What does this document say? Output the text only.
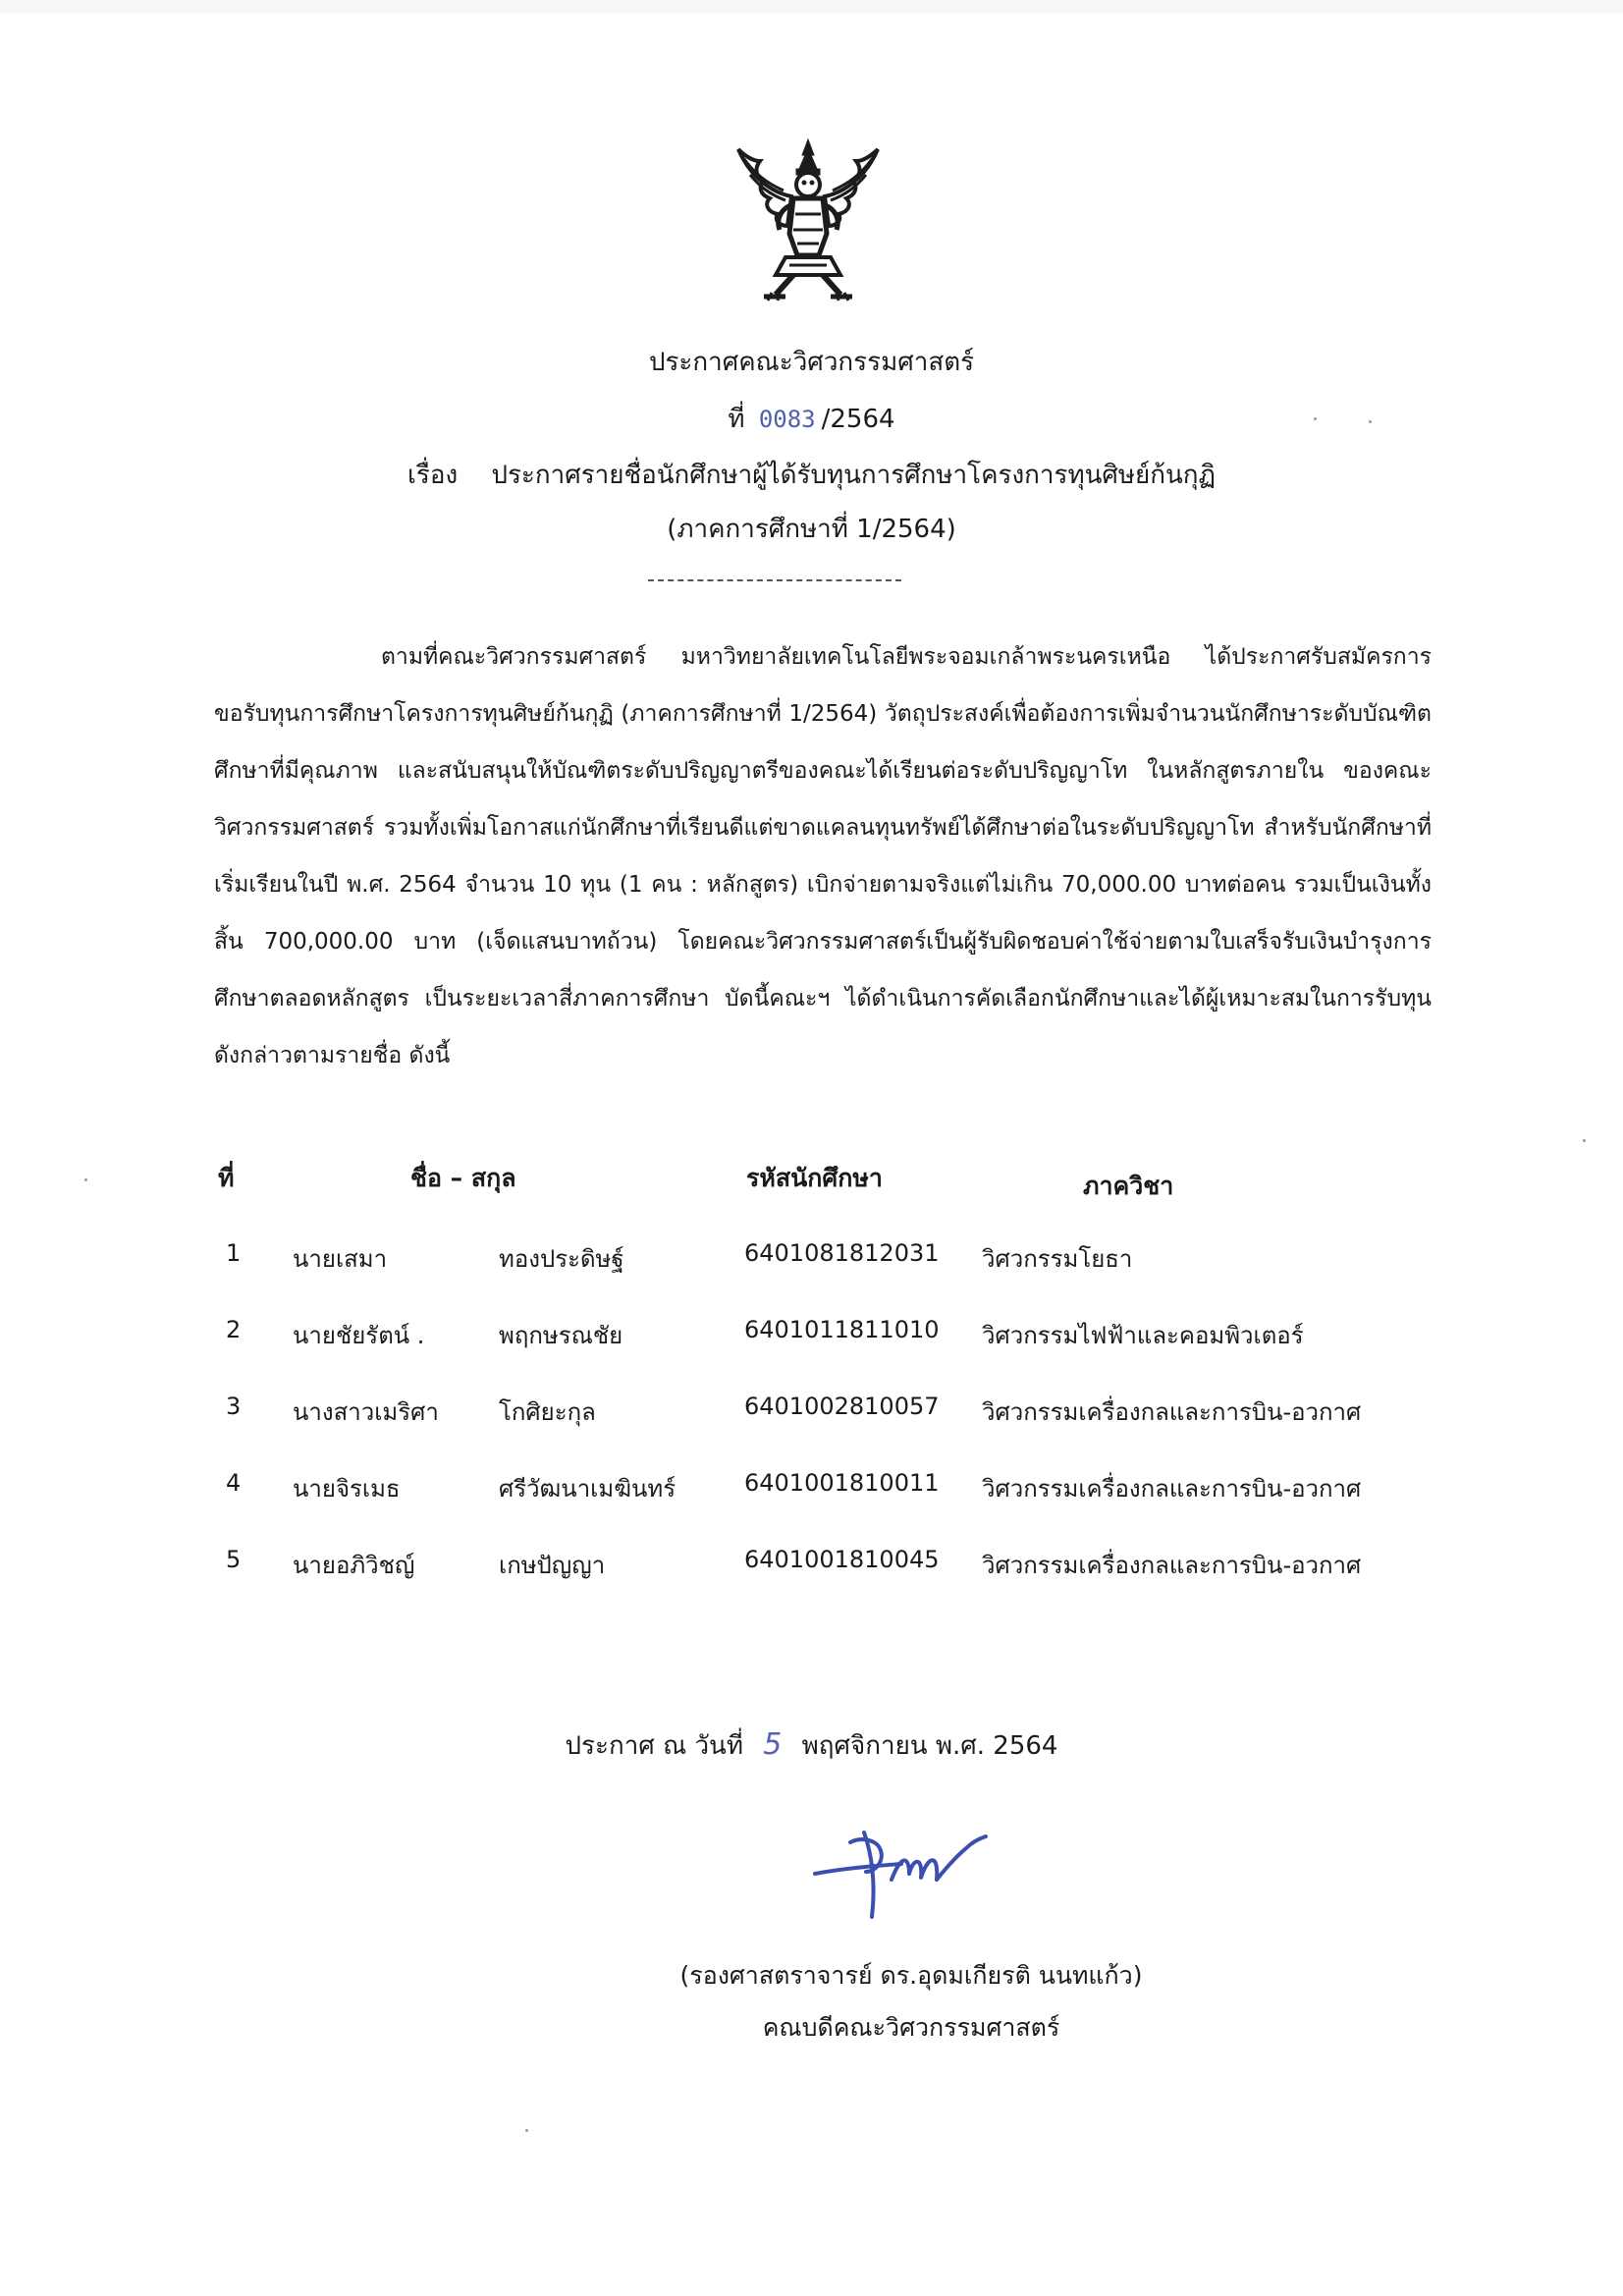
ประกาศคณะวิศวกรรมศาสตร์
ที่ 0083 /2564
เรื่อง ประกาศรายชื่อนักศึกษาผู้ได้รับทุนการศึกษาโครงการทุนศิษย์ก้นกุฏิ
(ภาคการศึกษาที่ 1/2564)
ตามที่คณะวิศวกรรมศาสตร์ มหาวิทยาลัยเทคโนโลยีพระจอมเกล้าพระนครเหนือ ได้ประกาศรับสมัครการขอรับทุนการศึกษาโครงการทุนศิษย์ก้นกุฏิ (ภาคการศึกษาที่ 1/2564) วัตถุประสงค์เพื่อต้องการเพิ่มจำนวนนักศึกษาระดับบัณฑิตศึกษาที่มีคุณภาพ และสนับสนุนให้บัณฑิตระดับปริญญาตรีของคณะได้เรียนต่อระดับปริญญาโท ในหลักสูตรภายใน ของคณะวิศวกรรมศาสตร์ รวมทั้งเพิ่มโอกาสแก่นักศึกษาที่เรียนดีแต่ขาดแคลนทุนทรัพย์ได้ศึกษาต่อในระดับปริญญาโท สำหรับนักศึกษาที่เริ่มเรียนในปี พ.ศ. 2564 จำนวน 10 ทุน (1 คน : หลักสูตร) เบิกจ่ายตามจริงแต่ไม่เกิน 70,000.00 บาทต่อคน รวมเป็นเงินทั้งสิ้น 700,000.00 บาท (เจ็ดแสนบาทถ้วน) โดยคณะวิศวกรรมศาสตร์เป็นผู้รับผิดชอบค่าใช้จ่ายตามใบเสร็จรับเงินบำรุงการศึกษาตลอดหลักสูตร เป็นระยะเวลาสี่ภาคการศึกษา บัดนี้คณะฯ ได้ดำเนินการคัดเลือกนักศึกษาและได้ผู้เหมาะสมในการรับทุนดังกล่าวตามรายชื่อ ดังนี้
ที่	ชื่อ – สกุล	รหัสนักศึกษา	ภาควิชา
1 นายเสมา	ทองประดิษฐ์	6401081812031 วิศวกรรมโยธา
2 นายชัยรัตน์ .	พฤกษรณชัย	6401011811010 วิศวกรรมไฟฟ้าและคอมพิวเตอร์
3 นางสาวเมริศา	โกศิยะกุล	6401002810057 วิศวกรรมเครื่องกลและการบิน-อวกาศ
4 นายจิรเมธ	ศรีวัฒนาเมฆินทร์	6401001810011 วิศวกรรมเครื่องกลและการบิน-อวกาศ
5 นายอภิวิชญ์	เกษปัญญา	6401001810045 วิศวกรรมเครื่องกลและการบิน-อวกาศ
ประกาศ ณ วันที่ 5 พฤศจิกายน พ.ศ. 2564
(รองศาสตราจารย์ ดร.อุดมเกียรติ นนทแก้ว)
คณบดีคณะวิศวกรรมศาสตร์
